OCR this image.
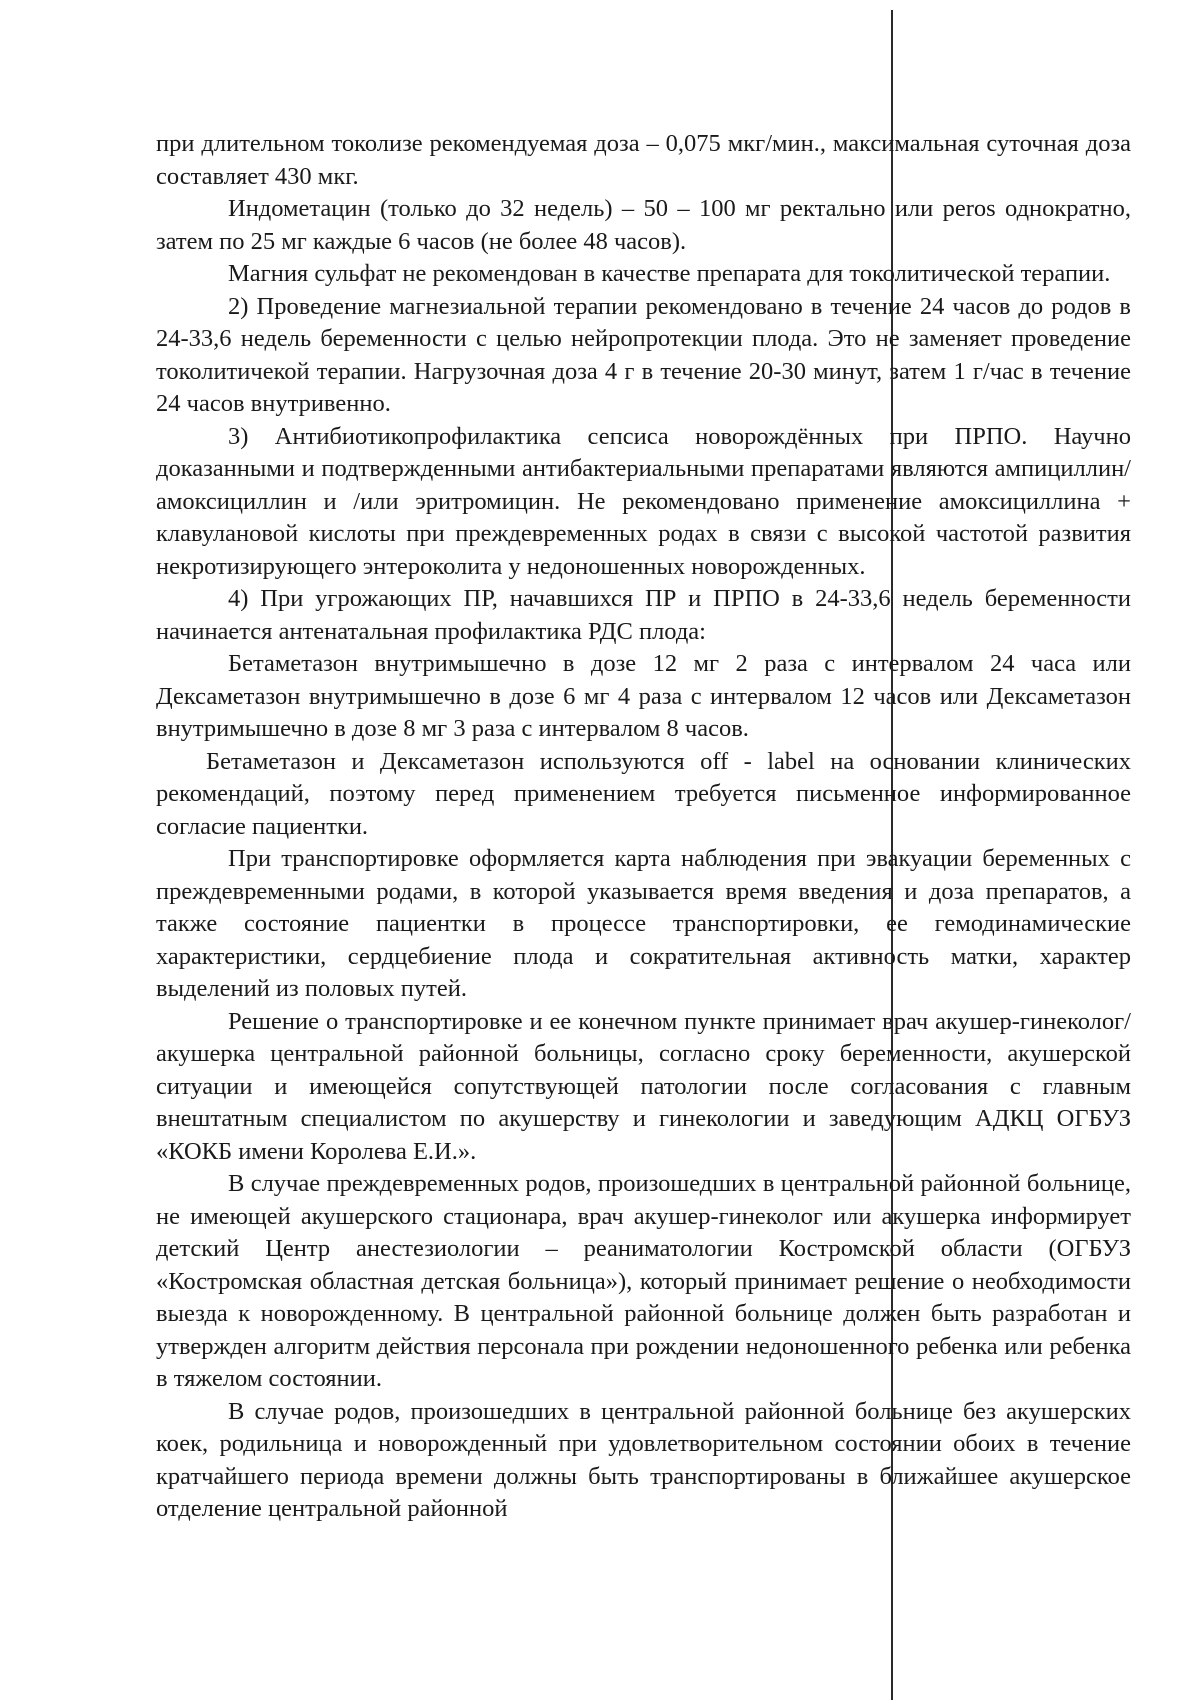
при длительном токолизе рекомендуемая доза – 0,075 мкг/мин., максимальная суточная доза составляет 430 мкг.

Индометацин (только до 32 недель) – 50 – 100 мг ректально или peros однократно, затем по 25 мг каждые 6 часов (не более 48 часов).

Магния сульфат не рекомендован в качестве препарата для токолитической терапии.

2) Проведение магнезиальной терапии рекомендовано в течение 24 часов до родов в 24-33,6 недель беременности с целью нейропротекции плода. Это не заменяет проведение токолитичекой терапии. Нагрузочная доза 4 г в течение 20-30 минут, затем 1 г/час в течение 24 часов внутривенно.

3) Антибиотикопрофилактика сепсиса новорождённых при ПРПО. Научно доказанными и подтвержденными антибактериальными препаратами являются ампициллин/амоксициллин и /или эритромицин. Не рекомендовано применение амоксициллина + клавулановой кислоты при преждевременных родах в связи с высокой частотой развития некротизирующего энтероколита у недоношенных новорожденных.

4) При угрожающих ПР, начавшихся ПР и ПРПО в 24-33,6 недель беременности начинается антенатальная профилактика РДС плода:

Бетаметазон внутримышечно в дозе 12 мг 2 раза с интервалом 24 часа или Дексаметазон внутримышечно в дозе 6 мг 4 раза с интервалом 12 часов или Дексаметазон внутримышечно в дозе 8 мг 3 раза с интервалом 8 часов.

Бетаметазон и Дексаметазон используются off - label на основании клинических рекомендаций, поэтому перед применением требуется письменное информированное согласие пациентки.

При транспортировке оформляется карта наблюдения при эвакуации беременных с преждевременными родами, в которой указывается время введения и доза препаратов, а также состояние пациентки в процессе транспортировки, ее гемодинамические характеристики, сердцебиение плода и сократительная активность матки, характер выделений из половых путей.

Решение о транспортировке и ее конечном пункте принимает врач акушер-гинеколог/акушерка центральной районной больницы, согласно сроку беременности, акушерской ситуации и имеющейся сопутствующей патологии после согласования с главным внештатным специалистом по акушерству и гинекологии и заведующим АДКЦ ОГБУЗ «КОКБ имени Королева Е.И.».

В случае преждевременных родов, произошедших в центральной районной больнице, не имеющей акушерского стационара, врач акушер-гинеколог или акушерка информирует детский Центр анестезиологии – реаниматологии Костромской области (ОГБУЗ «Костромская областная детская больница»), который принимает решение о необходимости выезда к новорожденному. В центральной районной больнице должен быть разработан и утвержден алгоритм действия персонала при рождении недоношенного ребенка или ребенка в тяжелом состоянии.

В случае родов, произошедших в центральной районной больнице без акушерских коек, родильница и новорожденный при удовлетворительном состоянии обоих в течение кратчайшего периода времени должны быть транспортированы в ближайшее акушерское отделение центральной районной
